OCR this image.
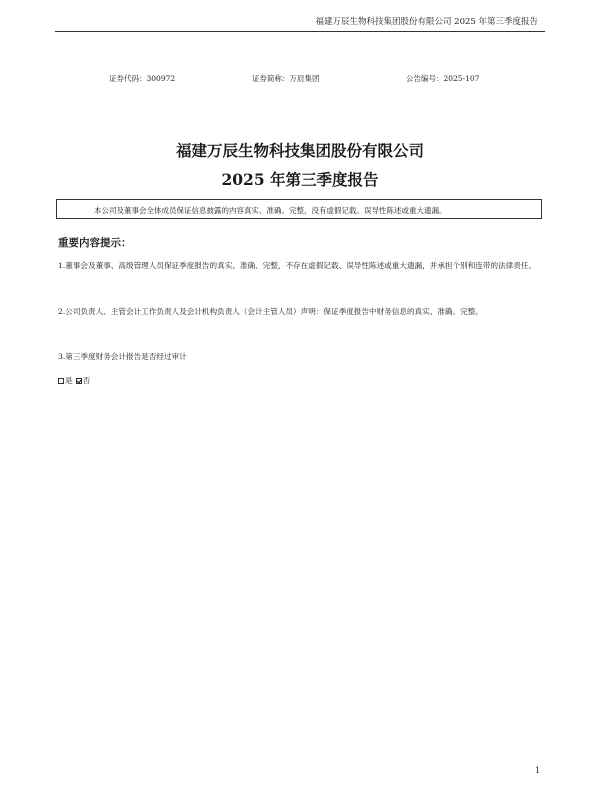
福建万辰生物科技集团股份有限公司 2025 年第三季度报告
证券代码：300972	证券简称：万辰集团	公告编号：2025-107
福建万辰生物科技集团股份有限公司
2025 年第三季度报告
本公司及董事会全体成员保证信息披露的内容真实、准确、完整，没有虚假记载、误导性陈述或重大遗漏。
重要内容提示：
1.董事会及董事、高级管理人员保证季度报告的真实、准确、完整，不存在虚假记载、误导性陈述或重大遗漏，并承担个别和连带的法律责任。
2.公司负责人、主管会计工作负责人及会计机构负责人（会计主管人员）声明：保证季度报告中财务信息的真实、准确、完整。
3.第三季度财务会计报告是否经过审计
是 否
1
